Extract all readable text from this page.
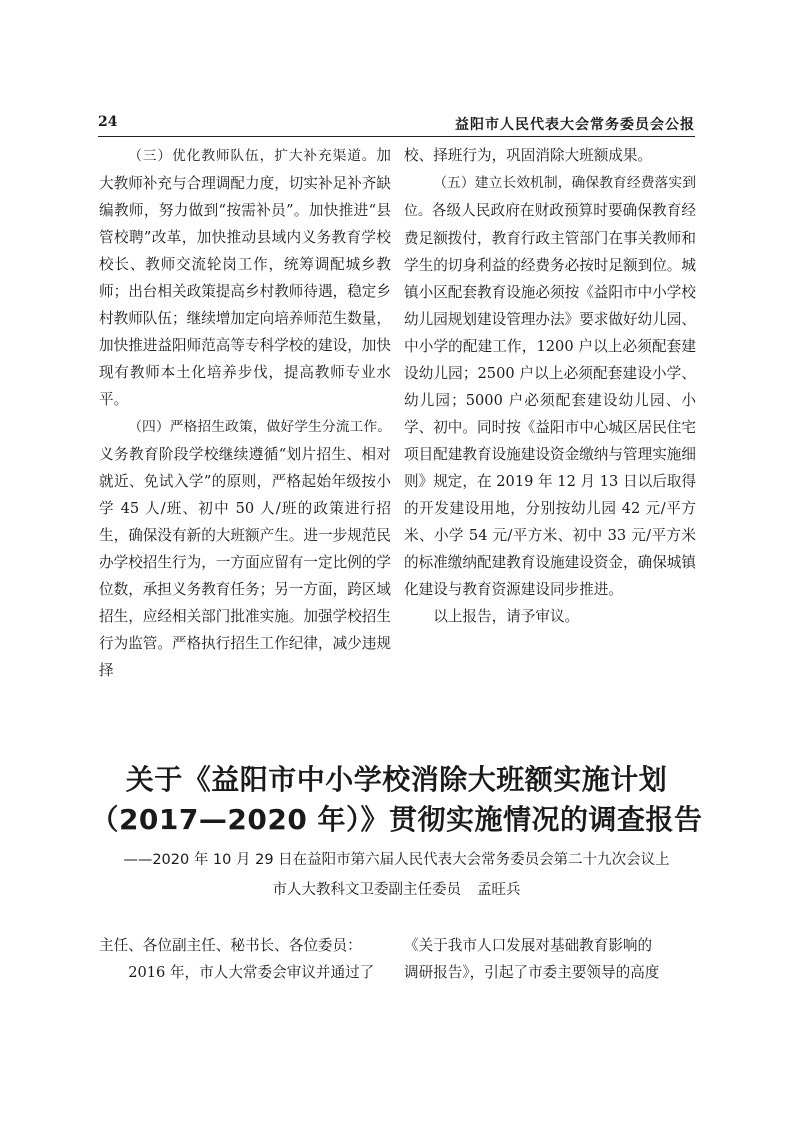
24	益阳市人民代表大会常务委员会公报

（三）优化教师队伍，扩大补充渠道。加大教师补充与合理调配力度，切实补足补齐缺编教师，努力做到“按需补员”。加快推进“县管校聘”改革，加快推动县域内义务教育学校校长、教师交流轮岗工作，统筹调配城乡教师；出台相关政策提高乡村教师待遇，稳定乡村教师队伍；继续增加定向培养师范生数量，加快推进益阳师范高等专科学校的建设，加快现有教师本土化培养步伐，提高教师专业水平。

（四）严格招生政策，做好学生分流工作。义务教育阶段学校继续遵循“划片招生、相对就近、免试入学”的原则，严格起始年级按小学 45 人/班、初中 50 人/班的政策进行招生，确保没有新的大班额产生。进一步规范民办学校招生行为，一方面应留有一定比例的学位数，承担义务教育任务；另一方面，跨区域招生，应经相关部门批准实施。加强学校招生行为监管。严格执行招生工作纪律，减少违规择

校、择班行为，巩固消除大班额成果。

（五）建立长效机制，确保教育经费落实到位。各级人民政府在财政预算时要确保教育经费足额拨付，教育行政主管部门在事关教师和学生的切身利益的经费务必按时足额到位。城镇小区配套教育设施必须按《益阳市中小学校幼儿园规划建设管理办法》要求做好幼儿园、中小学的配建工作，1200 户以上必须配套建设幼儿园；2500 户以上必须配套建设小学、幼儿园；5000 户必须配套建设幼儿园、小学、初中。同时按《益阳市中心城区居民住宅项目配建教育设施建设资金缴纳与管理实施细则》规定，在 2019 年 12 月 13 日以后取得的开发建设用地，分别按幼儿园 42 元/平方米、小学 54 元/平方米、初中 33 元/平方米的标准缴纳配建教育设施建设资金，确保城镇化建设与教育资源建设同步推进。

以上报告，请予审议。

关于《益阳市中小学校消除大班额实施计划
（2017—2020 年）》贯彻实施情况的调查报告
——2020 年 10 月 29 日在益阳市第六届人民代表大会常务委员会第二十九次会议上
市人大教科文卫委副主任委员 孟旺兵

主任、各位副主任、秘书长、各位委员：

2016 年，市人大常委会审议并通过了

《关于我市人口发展对基础教育影响的

调研报告》，引起了市委主要领导的高度
